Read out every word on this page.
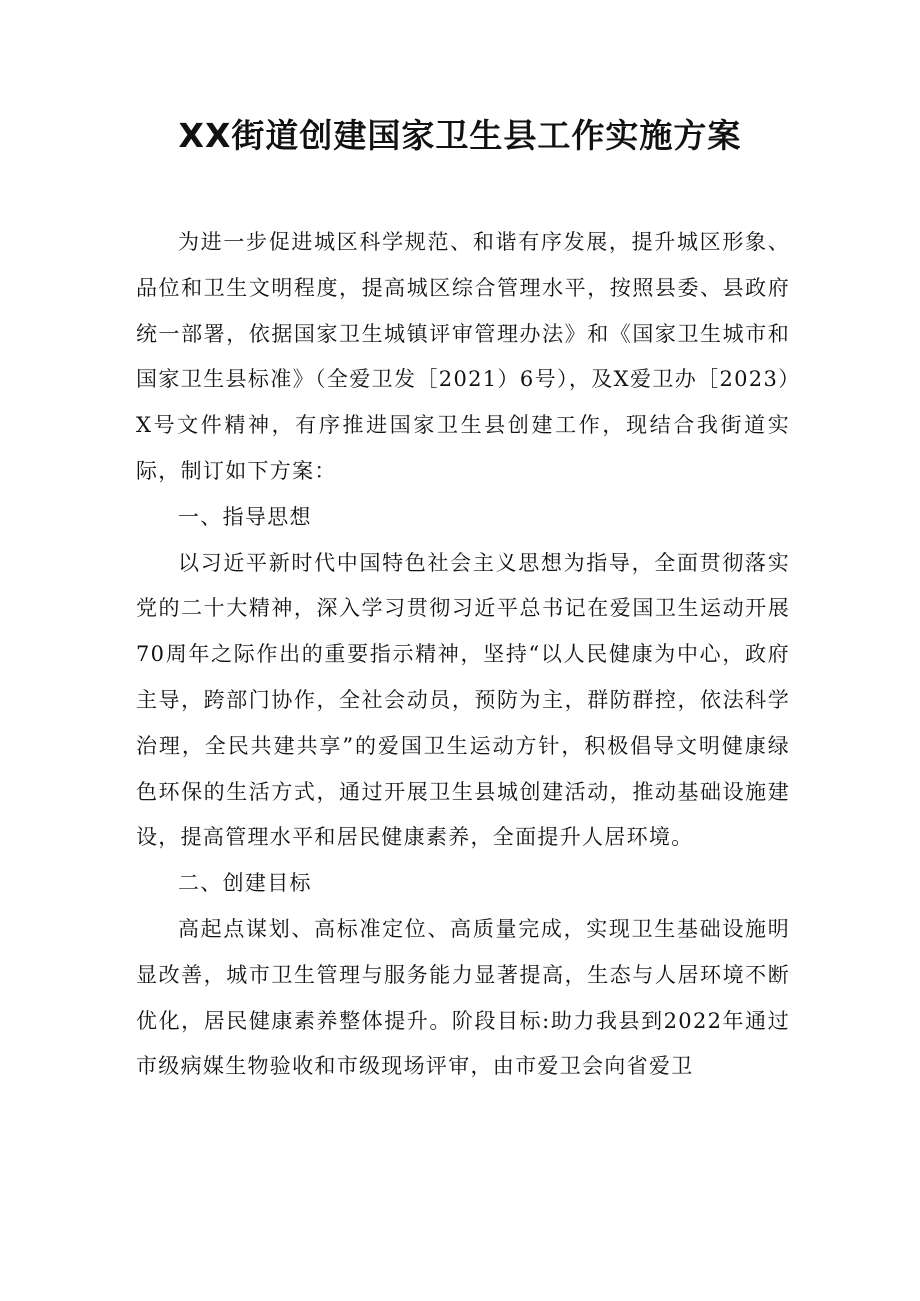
XX街道创建国家卫生县工作实施方案

为进一步促进城区科学规范、和谐有序发展，提升城区形象、品位和卫生文明程度，提高城区综合管理水平，按照县委、县政府统一部署，依据国家卫生城镇评审管理办法》和《国家卫生城市和国家卫生县标准》（全爱卫发［2021）6号），及X爱卫办［2023）X号文件精神，有序推进国家卫生县创建工作，现结合我街道实际，制订如下方案：

一、指导思想

以习近平新时代中国特色社会主义思想为指导，全面贯彻落实党的二十大精神，深入学习贯彻习近平总书记在爱国卫生运动开展70周年之际作出的重要指示精神，坚持“以人民健康为中心，政府主导，跨部门协作，全社会动员，预防为主，群防群控，依法科学治理，全民共建共享”的爱国卫生运动方针，积极倡导文明健康绿色环保的生活方式，通过开展卫生县城创建活动，推动基础设施建设，提高管理水平和居民健康素养，全面提升人居环境。

二、创建目标

高起点谋划、高标准定位、高质量完成，实现卫生基础设施明显改善，城市卫生管理与服务能力显著提高，生态与人居环境不断优化，居民健康素养整体提升。阶段目标:助力我县到2022年通过市级病媒生物验收和市级现场评审，由市爱卫会向省爱卫
